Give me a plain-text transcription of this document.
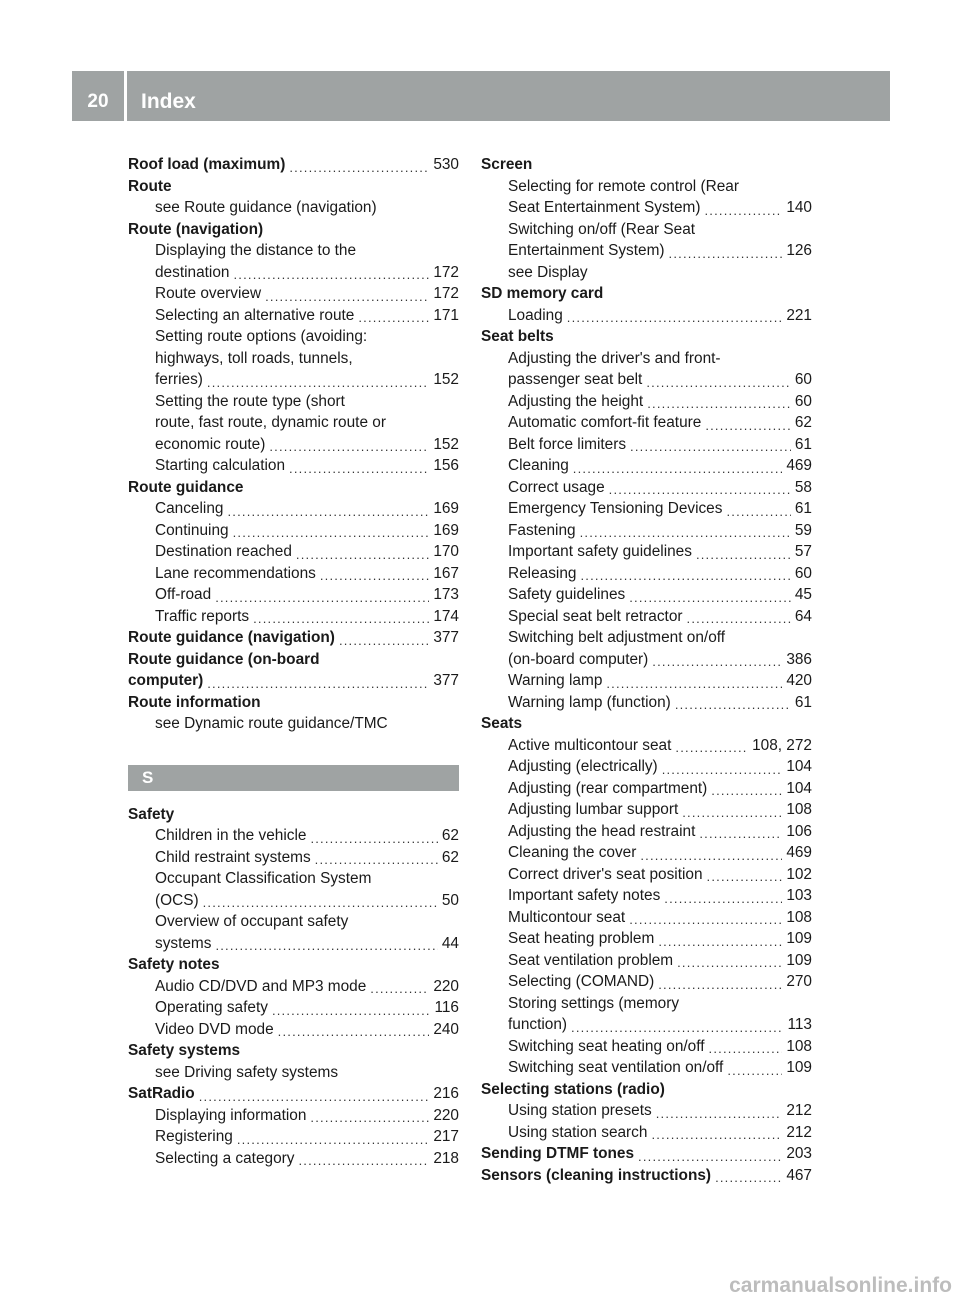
20	Index
Roof load (maximum) .....	530
Route
see Route guidance (navigation)
Route (navigation)
Displaying the distance to the
destination .....	172
Route overview .....	172
Selecting an alternative route .....	171
Setting route options (avoiding:
highways, toll roads, tunnels,
ferries) .....	152
Setting the route type (short
route, fast route, dynamic route or
economic route) .....	152
Starting calculation .....	156
Route guidance
Canceling .....	169
Continuing .....	169
Destination reached .....	170
Lane recommendations .....	167
Off-road .....	173
Traffic reports .....	174
Route guidance (navigation) .....	377
Route guidance (on-board
computer) .....	377
Route information
see Dynamic route guidance/TMC
S
Safety
Children in the vehicle .....	62
Child restraint systems .....	62
Occupant Classification System
(OCS) .....	50
Overview of occupant safety
systems .....	44
Safety notes
Audio CD/DVD and MP3 mode .....	220
Operating safety .....	116
Video DVD mode .....	240
Safety systems
see Driving safety systems
SatRadio .....	216
Displaying information .....	220
Registering .....	217
Selecting a category .....	218
Screen
Selecting for remote control (Rear
Seat Entertainment System) .....	140
Switching on/off (Rear Seat
Entertainment System) .....	126
see Display
SD memory card
Loading .....	221
Seat belts
Adjusting the driver's and front-
passenger seat belt .....	60
Adjusting the height .....	60
Automatic comfort-fit feature .....	62
Belt force limiters .....	61
Cleaning .....	469
Correct usage .....	58
Emergency Tensioning Devices .....	61
Fastening .....	59
Important safety guidelines .....	57
Releasing .....	60
Safety guidelines .....	45
Special seat belt retractor .....	64
Switching belt adjustment on/off
(on-board computer) .....	386
Warning lamp .....	420
Warning lamp (function) .....	61
Seats
Active multicontour seat .....	108, 272
Adjusting (electrically) .....	104
Adjusting (rear compartment) .....	104
Adjusting lumbar support .....	108
Adjusting the head restraint .....	106
Cleaning the cover .....	469
Correct driver's seat position .....	102
Important safety notes .....	103
Multicontour seat .....	108
Seat heating problem .....	109
Seat ventilation problem .....	109
Selecting (COMAND) .....	270
Storing settings (memory
function) .....	113
Switching seat heating on/off .....	108
Switching seat ventilation on/off .....	109
Selecting stations (radio)
Using station presets .....	212
Using station search .....	212
Sending DTMF tones .....	203
Sensors (cleaning instructions) .....	467
carmanualsonline.info
